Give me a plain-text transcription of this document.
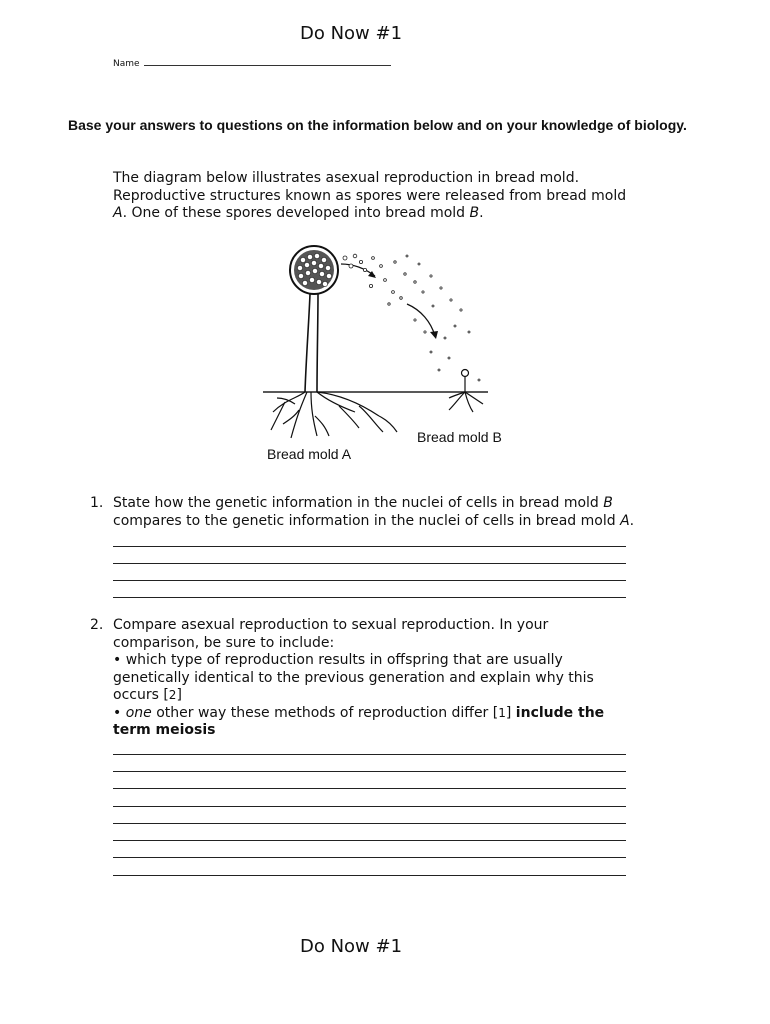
Do Now #1
Name
Base your answers to questions on the information below and on your knowledge of biology.
The diagram below illustrates asexual reproduction in bread mold.
Reproductive structures known as spores were released from bread mold
A. One of these spores developed into bread mold B.
Bread mold A
Bread mold B
1. State how the genetic information in the nuclei of cells in bread mold B
compares to the genetic information in the nuclei of cells in bread mold A.
2. Compare asexual reproduction to sexual reproduction. In your
comparison, be sure to include:
• which type of reproduction results in offspring that are usually
genetically identical to the previous generation and explain why this
occurs [2]
• one other way these methods of reproduction differ [1] include the
term meiosis
Do Now #1
